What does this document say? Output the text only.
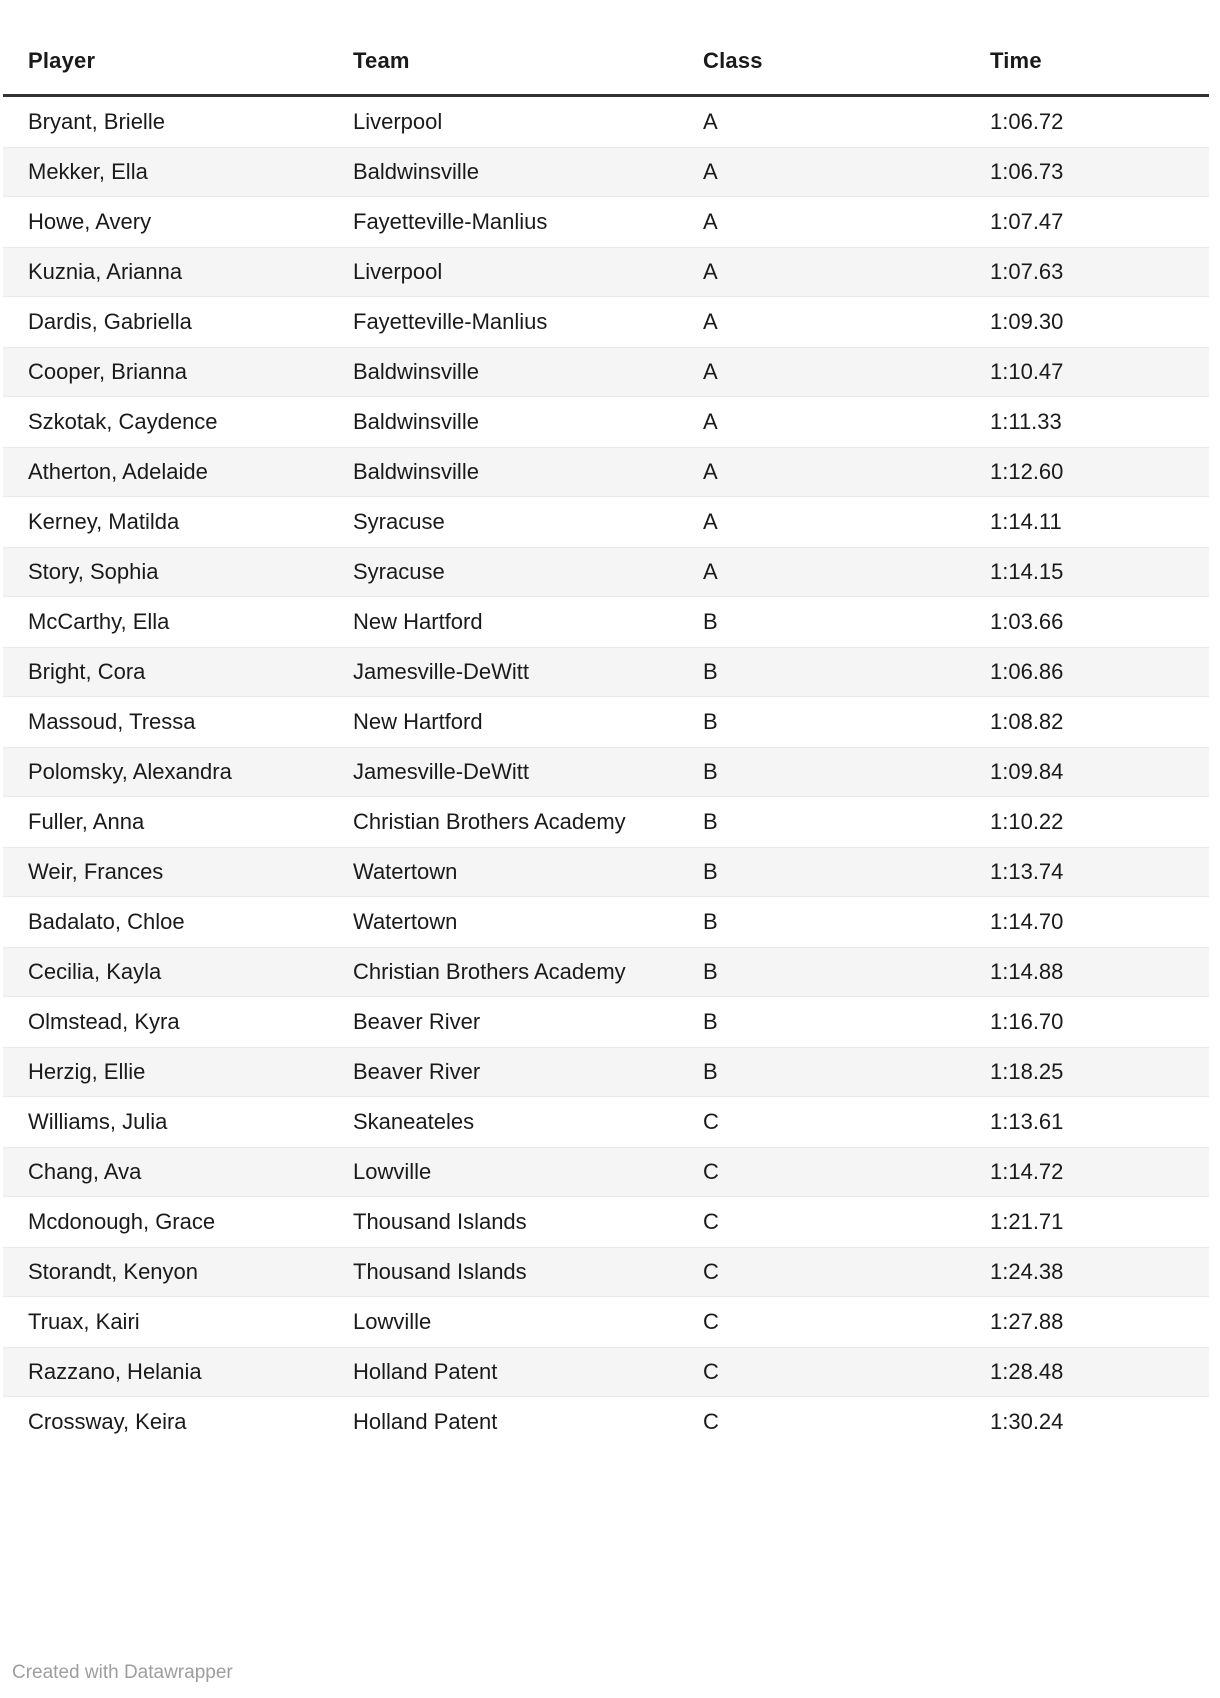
Player	Team	Class	Time
Bryant, Brielle	Liverpool	A	1:06.72
Mekker, Ella	Baldwinsville	A	1:06.73
Howe, Avery	Fayetteville-Manlius	A	1:07.47
Kuznia, Arianna	Liverpool	A	1:07.63
Dardis, Gabriella	Fayetteville-Manlius	A	1:09.30
Cooper, Brianna	Baldwinsville	A	1:10.47
Szkotak, Caydence	Baldwinsville	A	1:11.33
Atherton, Adelaide	Baldwinsville	A	1:12.60
Kerney, Matilda	Syracuse	A	1:14.11
Story, Sophia	Syracuse	A	1:14.15
McCarthy, Ella	New Hartford	B	1:03.66
Bright, Cora	Jamesville-DeWitt	B	1:06.86
Massoud, Tressa	New Hartford	B	1:08.82
Polomsky, Alexandra	Jamesville-DeWitt	B	1:09.84
Fuller, Anna	Christian Brothers Academy	B	1:10.22
Weir, Frances	Watertown	B	1:13.74
Badalato, Chloe	Watertown	B	1:14.70
Cecilia, Kayla	Christian Brothers Academy	B	1:14.88
Olmstead, Kyra	Beaver River	B	1:16.70
Herzig, Ellie	Beaver River	B	1:18.25
Williams, Julia	Skaneateles	C	1:13.61
Chang, Ava	Lowville	C	1:14.72
Mcdonough, Grace	Thousand Islands	C	1:21.71
Storandt, Kenyon	Thousand Islands	C	1:24.38
Truax, Kairi	Lowville	C	1:27.88
Razzano, Helania	Holland Patent	C	1:28.48
Crossway, Keira	Holland Patent	C	1:30.24
Created with Datawrapper
